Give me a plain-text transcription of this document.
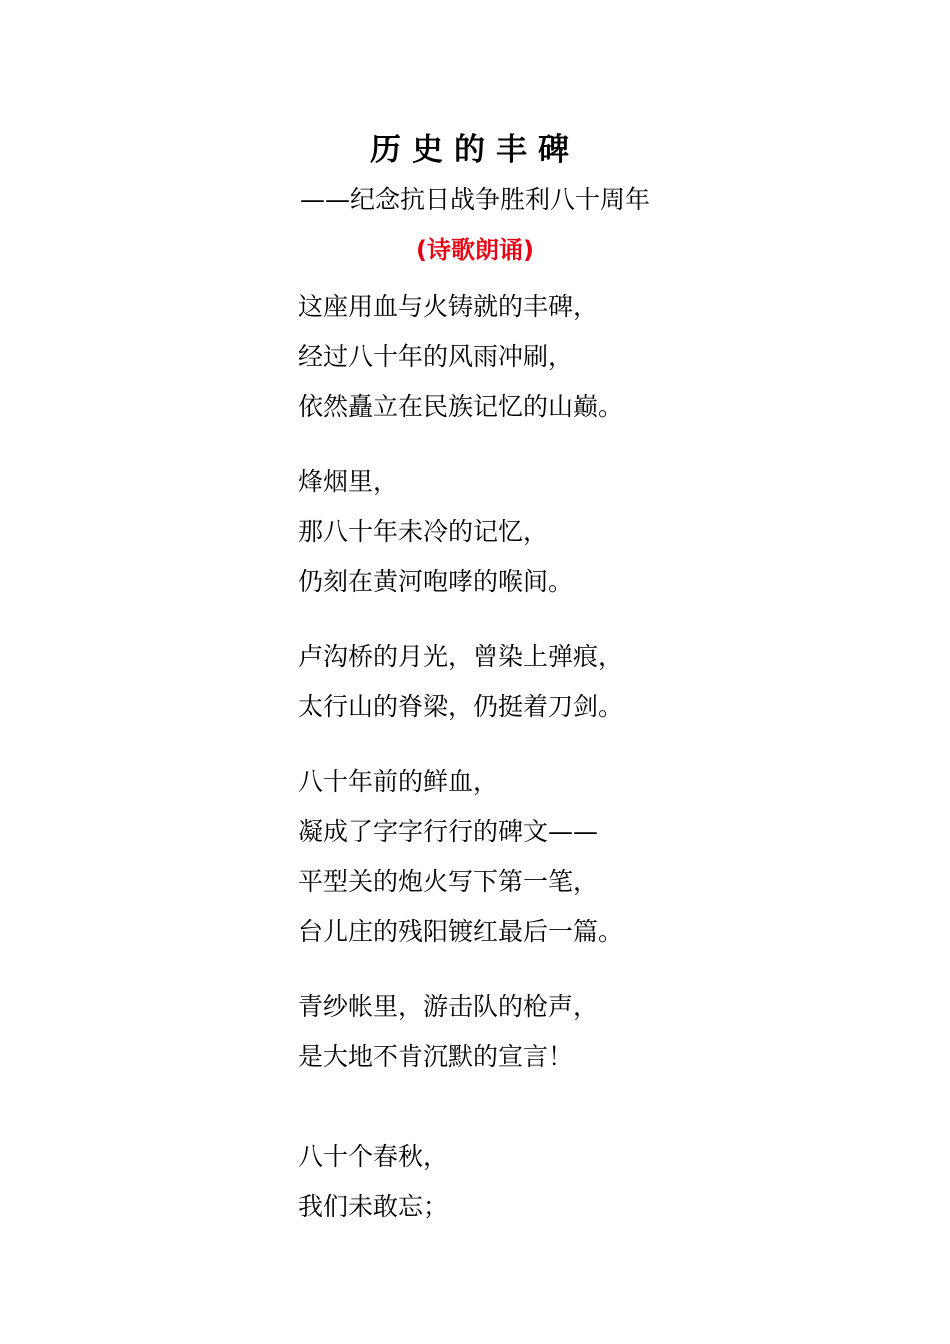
历史的丰碑
——纪念抗日战争胜利八十周年
(诗歌朗诵)
这座用血与火铸就的丰碑，
经过八十年的风雨冲刷，
依然矗立在民族记忆的山巅。
烽烟里，
那八十年未冷的记忆，
仍刻在黄河咆哮的喉间。
卢沟桥的月光，曾染上弹痕，
太行山的脊梁，仍挺着刀剑。
八十年前的鲜血，
凝成了字字行行的碑文——
平型关的炮火写下第一笔，
台儿庄的残阳镀红最后一篇。
青纱帐里，游击队的枪声，
是大地不肯沉默的宣言！
八十个春秋，
我们未敢忘；
